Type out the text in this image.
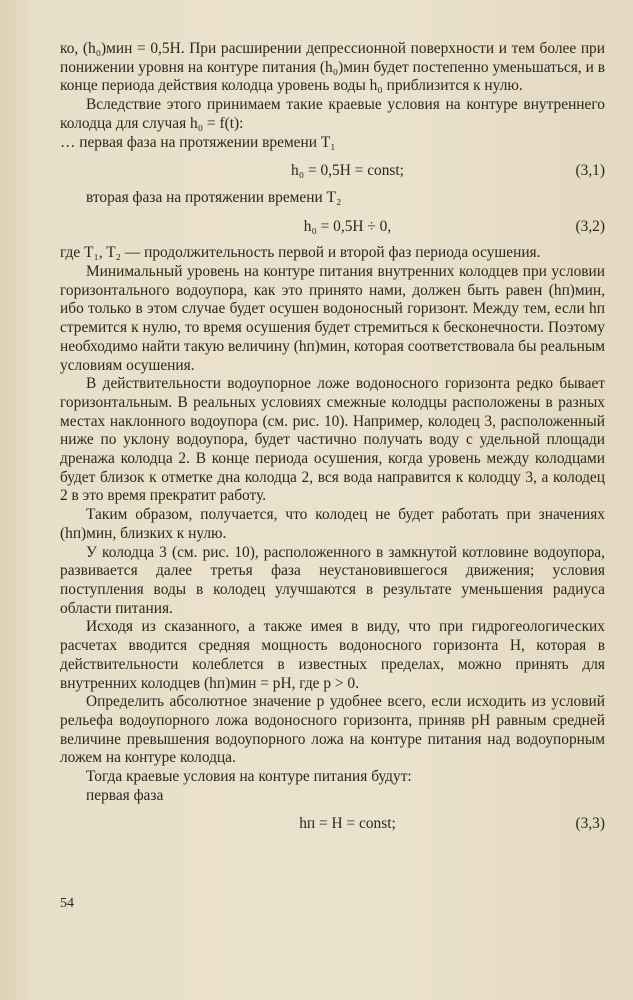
ко, (h₀)мин = 0,5H. При расширении депрессионной поверхности и тем более при понижении уровня на контуре питания (h₀)мин будет постепенно уменьшаться, и в конце периода действия колодца уровень воды h₀ приблизится к нулю.

Вследствие этого принимаем такие краевые условия на контуре внутреннего колодца для случая h₀ = f(t):

… первая фаза на протяжении времени T₁

h₀ = 0,5H = const;	(3,1)

вторая фаза на протяжении времени T₂

h₀ = 0,5H ÷ 0,	(3,2)

где T₁, T₂ — продолжительность первой и второй фаз периода осушения.

Минимальный уровень на контуре питания внутренних колодцев при условии горизонтального водоупора, как это принято нами, должен быть равен (hп)мин, ибо только в этом случае будет осушен водоносный горизонт. Между тем, если hп стремится к нулю, то время осушения будет стремиться к бесконечности. Поэтому необходимо найти такую величину (hп)мин, которая соответствовала бы реальным условиям осушения.

В действительности водоупорное ложе водоносного горизонта редко бывает горизонтальным. В реальных условиях смежные колодцы расположены в разных местах наклонного водоупора (см. рис. 10). Например, колодец 3, расположенный ниже по уклону водоупора, будет частично получать воду с удельной площади дренажа колодца 2. В конце периода осушения, когда уровень между колодцами будет близок к отметке дна колодца 2, вся вода направится к колодцу 3, а колодец 2 в это время прекратит работу.

Таким образом, получается, что колодец не будет работать при значениях (hп)мин, близких к нулю.

У колодца 3 (см. рис. 10), расположенного в замкнутой котловине водоупора, развивается далее третья фаза неустановившегося движения; условия поступления воды в колодец улучшаются в результате уменьшения радиуса области питания.

Исходя из сказанного, а также имея в виду, что при гидрогеологических расчетах вводится средняя мощность водоносного горизонта H, которая в действительности колеблется в известных пределах, можно принять для внутренних колодцев (hп)мин = pH, где p > 0.

Определить абсолютное значение p удобнее всего, если исходить из условий рельефа водоупорного ложа водоносного горизонта, приняв pH равным средней величине превышения водоупорного ложа на контуре питания над водоупорным ложем на контуре колодца.

Тогда краевые условия на контуре питания будут:

первая фаза

hп = H = const;	(3,3)
54
